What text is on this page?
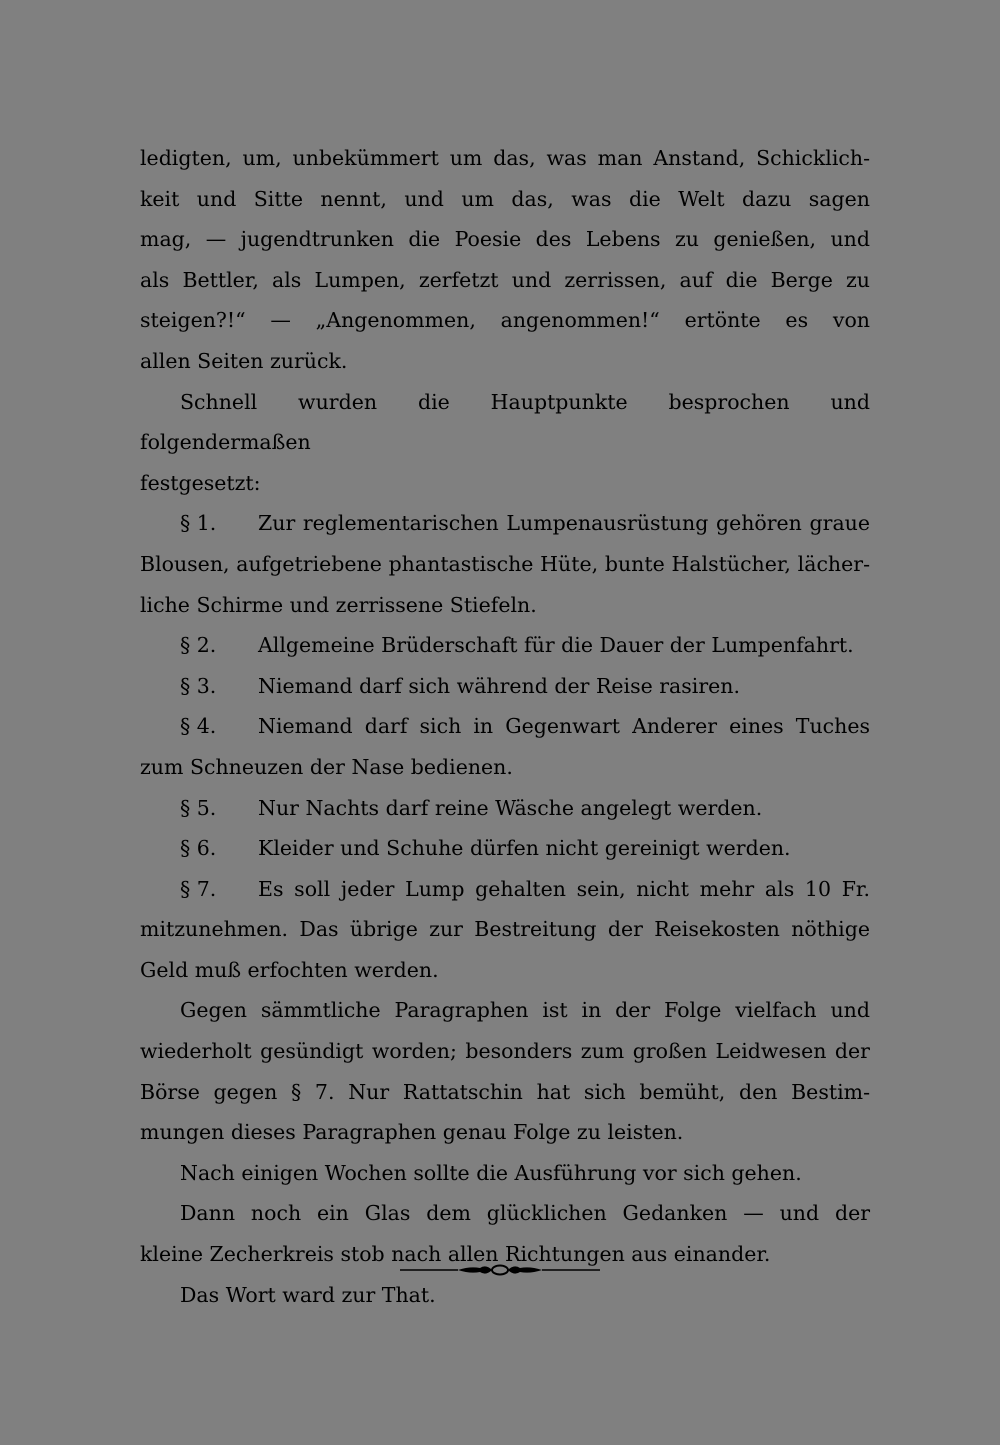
ledigten, um, unbekümmert um das, was man Anstand, Schicklich-

keit und Sitte nennt, und um das, was die Welt dazu sagen

mag, — jugendtrunken die Poesie des Lebens zu genießen, und

als Bettler, als Lumpen, zerfetzt und zerrissen, auf die Berge zu

steigen?!“ — „Angenommen, angenommen!“ ertönte es von

allen Seiten zurück.

Schnell wurden die Hauptpunkte besprochen und folgendermaßen

festgesetzt:

§ 1. Zur reglementarischen Lumpenausrüstung gehören graue

Blousen, aufgetriebene phantastische Hüte, bunte Halstücher, lächer-

liche Schirme und zerrissene Stiefeln.

§ 2. Allgemeine Brüderschaft für die Dauer der Lumpenfahrt.

§ 3. Niemand darf sich während der Reise rasiren.

§ 4. Niemand darf sich in Gegenwart Anderer eines Tuches

zum Schneuzen der Nase bedienen.

§ 5. Nur Nachts darf reine Wäsche angelegt werden.

§ 6. Kleider und Schuhe dürfen nicht gereinigt werden.

§ 7. Es soll jeder Lump gehalten sein, nicht mehr als 10 Fr.

mitzunehmen. Das übrige zur Bestreitung der Reisekosten nöthige

Geld muß erfochten werden.

Gegen sämmtliche Paragraphen ist in der Folge vielfach und

wiederholt gesündigt worden; besonders zum großen Leidwesen der

Börse gegen § 7. Nur Rattatschin hat sich bemüht, den Bestim-

mungen dieses Paragraphen genau Folge zu leisten.

Nach einigen Wochen sollte die Ausführung vor sich gehen.

Dann noch ein Glas dem glücklichen Gedanken — und der

kleine Zecherkreis stob nach allen Richtungen aus einander.

Das Wort ward zur That.
